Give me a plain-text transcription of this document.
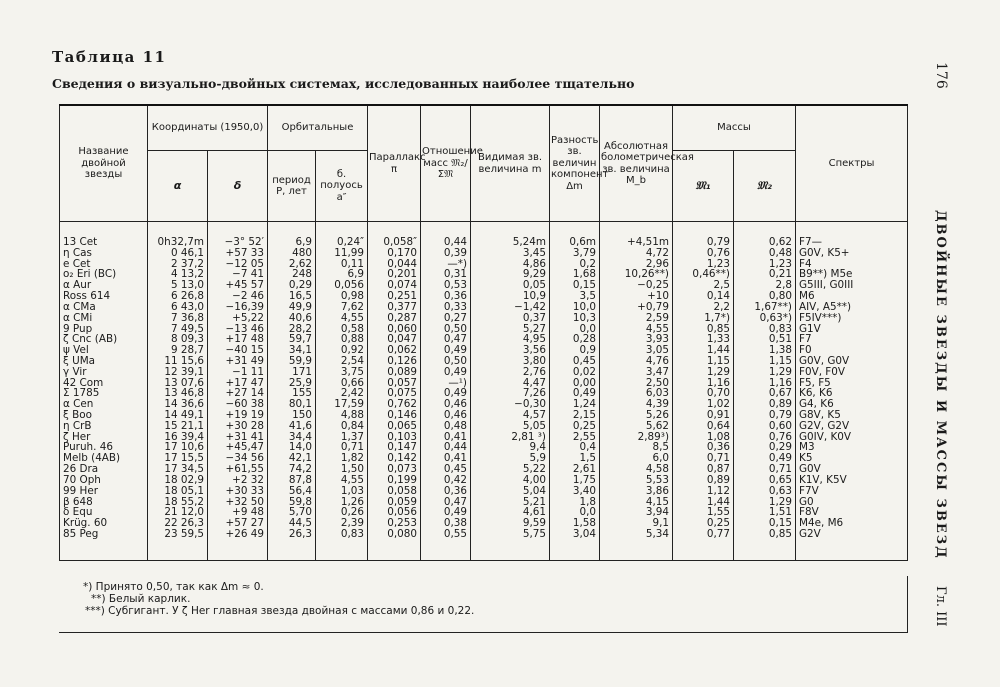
Таблица 11
Сведения о визуально-двойных системах, исследованных наиболее тщательно	176
ДВОЙНЫЕ ЗВЕЗДЫ И МАССЫ ЗВЕЗД
Гл. III
Название двойной звезды	Координаты (1950,0)		Орбитальные		Параллакс π	Отношение масс 𝔐₂/Σ𝔐	Видимая зв. величина m	Разность зв. величин компонент Δm	Абсолютная болометрическая зв. величина M_b	Массы		Спектры
	α	δ	период P, лет	б. полуось a″						𝔐₁	𝔐₂	
13 Cet	0h32,7m	−3° 52′	6,9	0,24″	0,058″	0,44	5,24m	0,6m	+4,51m	0,79	0,62	F7—
η Cas	0 46,1	+57 33	480	11,99	0,170	0,39	3,45	3,79	4,72	0,76	0,48	G0V, K5+
e Cet	2 37,2	−12 05	2,62	0,11	0,044	—*)	4,86	0,2	2,96	1,23	1,23	F4
o₂ Eri (BC)	4 13,2	−7 41	248	6,9	0,201	0,31	9,29	1,68	10,26**)	0,46**)	0,21	B9**) M5e
α Aur	5 13,0	+45 57	0,29	0,056	0,074	0,53	0,05	0,15	−0,25	2,5	2,8	G5III, G0III
Ross 614	6 26,8	−2 46	16,5	0,98	0,251	0,36	10,9	3,5	+10	0,14	0,80	M6
α CMa	6 43,0	−16,39	49,9	7,62	0,377	0,33	−1,42	10,0	+0,79	2,2	1,67**)	AIV, A5**)
α CMi	7 36,8	+5,22	40,6	4,55	0,287	0,27	0,37	10,3	2,59	1,7*)	0,63*)	F5IV***)
9 Pup	7 49,5	−13 46	28,2	0,58	0,060	0,50	5,27	0,0	4,55	0,85	0,83	G1V
ζ Cnc (AB)	8 09,3	+17 48	59,7	0,88	0,047	0,47	4,95	0,28	3,93	1,33	0,51	F7
ψ Vel	9 28,7	−40 15	34,1	0,92	0,062	0,49	3,56	0,9	3,05	1,44	1,38	F0
ξ UMa	11 15,6	+31 49	59,9	2,54	0,126	0,50	3,80	0,45	4,76	1,15	1,15	G0V, G0V
γ Vir	12 39,1	−1 11	171	3,75	0,089	0,49	2,76	0,02	3,47	1,29	1,29	F0V, F0V
42 Com	13 07,6	+17 47	25,9	0,66	0,057	—¹)	4,47	0,00	2,50	1,16	1,16	F5, F5
Σ 1785	13 46,8	+27 14	155	2,42	0,075	0,49	7,26	0,49	6,03	0,70	0,67	K6, K6
α Cen	14 36,6	−60 38	80,1	17,59	0,762	0,46	−0,30	1,24	4,39	1,02	0,89	G4, K6
ξ Boo	14 49,1	+19 19	150	4,88	0,146	0,46	4,57	2,15	5,26	0,91	0,79	G8V, K5
η CrB	15 21,1	+30 28	41,6	0,84	0,065	0,48	5,05	0,25	5,62	0,64	0,60	G2V, G2V
ζ Her	16 39,4	+31 41	34,4	1,37	0,103	0,41	2,81 ³)	2,55	2,89³)	1,08	0,76	G0IV, K0V
Puruh. 46	17 10,6	+45,47	14,0	0,71	0,147	0,44	9,4	0,4	8,5	0,36	0,29	M3
Melb (4AB)	17 15,5	−34 56	42,1	1,82	0,142	0,41	5,9	1,5	6,0	0,71	0,49	K5
26 Dra	17 34,5	+61,55	74,2	1,50	0,073	0,45	5,22	2,61	4,58	0,87	0,71	G0V
70 Oph	18 02,9	+2 32	87,8	4,55	0,199	0,42	4,00	1,75	5,53	0,89	0,65	K1V, K5V
99 Her	18 05,1	+30 33	56,4	1,03	0,058	0,36	5,04	3,40	3,86	1,12	0,63	F7V
β 648	18 55,2	+32 50	59,8	1,26	0,059	0,47	5,21	1,8	4,15	1,44	1,29	G0
δ Equ	21 12,0	+9 48	5,70	0,26	0,056	0,49	4,61	0,0	3,94	1,55	1,51	F8V
Krüg. 60	22 26,3	+57 27	44,5	2,39	0,253	0,38	9,59	1,58	9,1	0,25	0,15	M4e, M6
85 Peg	23 59,5	+26 49	26,3	0,83	0,080	0,55	5,75	3,04	5,34	0,77	0,85	G2V
*) Принято 0,50, так как Δm ≈ 0.
**) Белый карлик.
***) Субгигант. У ζ Her главная звезда двойная с массами 0,86 и 0,22.
